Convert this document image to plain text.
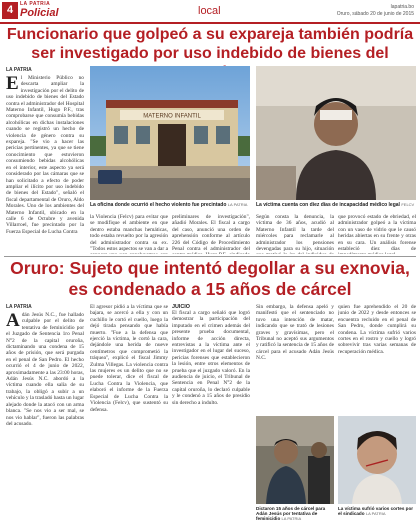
4	LA PATRIA
Policial	local	lapatria.bo
Oruro, sábado 20 de junio de 2015
Funcionario que golpeó a su expareja también podría ser investigado por uso indebido de bienes del
LA PATRIA
El Ministerio Público no descarta ampliar la investigación por el delito de uso indebido de bienes del Estado contra el administrador del Hospital Materno Infantil, Hugo P.F., tras comprobarse que consumía bebidas alcohólicas en dichas instalaciones cuando se registró un hecho de violencia de género contra su expareja. "Se vio a hacer las pericias pertinentes, ya que se tiene conocimiento que estuvieron consumiendo bebidas alcohólicas en el interior, este aspecto ya será considerado por las cámaras que se han solicitado a efecto de poder ampliar el ilícito por uso indebido de bienes del Estado", señaló el fiscal departamental de Oruro, Aldo Morales. Uno de los ambientes del Materno Infantil, ubicado en la calle 6 de Octubre y avenida Villarroel, fue precintado por la Fuerza Especial de Lucha Contra
MATERNO INFANTIL
La oficina donde ocurrió el hecho violento fue precintado LA PATRIA	La víctima cuenta con diez días de incapacidad médico legal FELCV
la Violencia (Felcv) para evitar que se modifique el ambiente en que dentro estaba manchas hemáticas, todo estaba revuelto por la agresión del administrador contra su ex. "Todos estos aspectos se van a dar a
preliminares de investigación", añadió Morales. El fiscal a cargo del caso, anunció una orden de aprehensión conforme al artículo 226 del Código de Procedimiento Penal contra el administrador del
Según consta la denuncia, la víctima de 36 años, acudió al Materno Infantil la tarde del miércoles para reclamarle al administrador los pensiones devengadas para su hijo, situación
que provocó estado de ebriedad, el administrador golpeó a la víctima con un vaso de vidrio que le causó heridas abiertas en su frente y otras en su cara. Un análisis forense estableció diez días de
Oruro: Sujeto que intentó degollar a su exnovia, es condenado a 15 años de cárcel
LA PATRIA
Adán Jesús N.C., fue hallado culpable por el delito de tentativa de feminicidio por el Juzgado de Sentencia 1ro Penal N°2 de la capital oruroña, dictaminando una condena de 15 años de prisión, que será purgada en el penal de San Pedro. El hecho ocurrió el 4 de junio de 2022, aproximadamente a las 23:00 horas, Adán Jesús N.C. abordó a la víctima cuando ella salía de su trabajo, la obligó a subir a un vehículo y la trasladó hasta un lugar alejado donde la atacó con un arma blanca. "Se nos vio a ser mal, se nos vio hablar", fueron las palabras del acusado.
El agresor pidió a la víctima que se bajara, se acercó a ella y con un cuchillo le cortó el cuello, luego la dejó tirada pensando que había muerto. "Fue a la defensa que ejerció la víctima, le cortó la cara, dejándole una herida de nueve centímetros que comprometió la tráquea", explicó el fiscal Jimmy Zulma Villegas. La violencia contra las mujeres es un delito que no se puede tolerar, dice el fiscal de Lucha Contra la Violencia, que elaboró el informe de la Fuerza Especial de Lucha Contra la Violencia (Felcv), que sustentó su defensa.
JUICIO
El fiscal a cargo señaló que logró demostrar la participación del imputado en el crimen además del presente prueba documental, informe de acción directa, entrevistas a la víctima ante el investigador en el lugar del suceso, pericias forenses que establecieron la lesión, entre otros elementos de prueba que el juzgado valoró. En la audiencia de juicio, el Tribunal de Sentencia en Penal N°2 de la capital oruroña, lo declaró culpable y le condenó a 15 años de presidio sin derecho a indulto.
Sin embargo, la defensa apeló y manifestó que el sentenciado no tuvo una intención de matar, indicando que se trató de lesiones graves y gravísimas, pero el Tribunal no aceptó sus argumentos y ratificó la sentencia de 15 años de cárcel para el acusado Adán Jesús N.C.
quien fue aprehendido el 20 de junio de 2022 y desde entonces se encuentra recluido en el penal de San Pedro, donde cumplirá su condena. La víctima sufrió varios cortes en el rostro y cuello y logró sobrevivir tras varias semanas de recuperación médica.
Dictaron 15 años de cárcel para Adán Jesús por tentativa de feminicidio LA PATRIA
La víctima sufrió varios cortes por el sindicado LA PATRIA
